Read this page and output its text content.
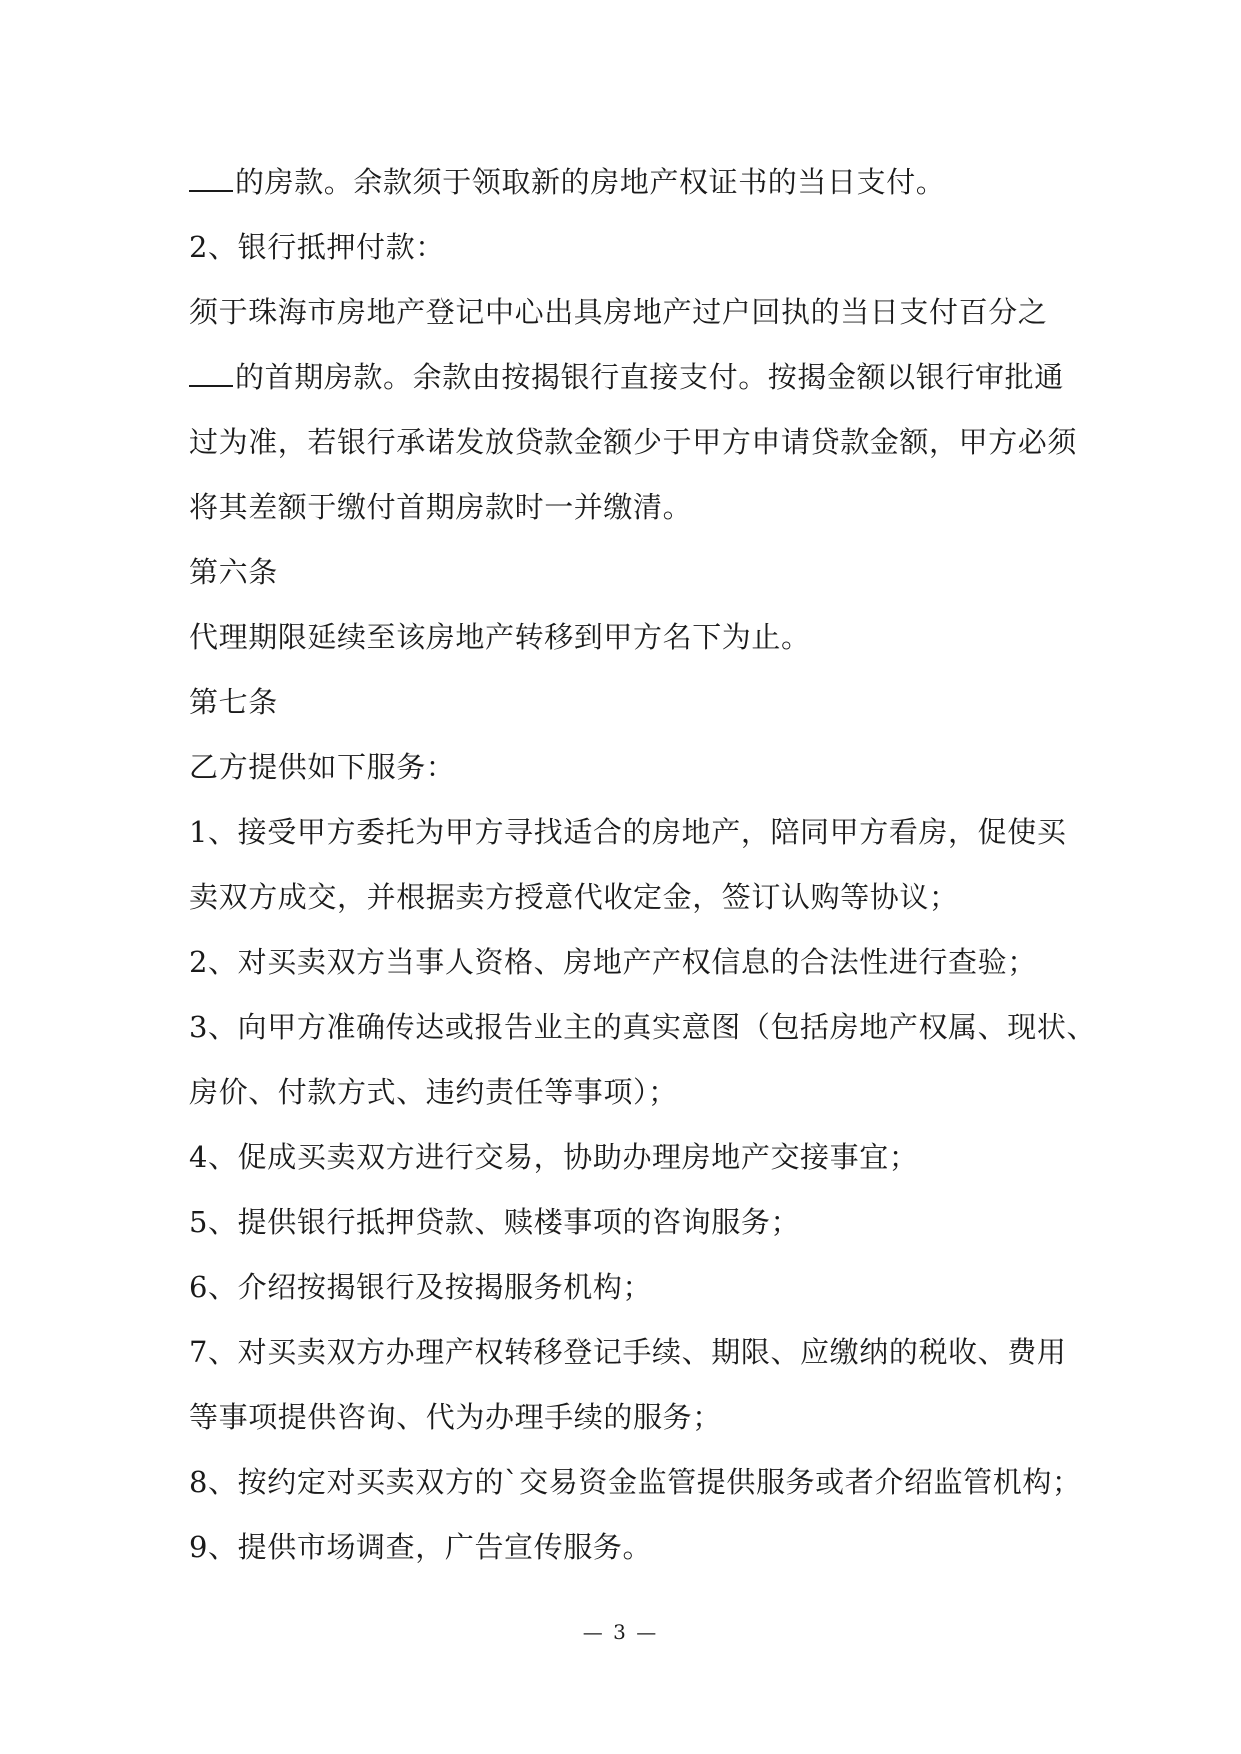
的房款。余款须于领取新的房地产权证书的当日支付。
2、银行抵押付款：
须于珠海市房地产登记中心出具房地产过户回执的当日支付百分之
的首期房款。余款由按揭银行直接支付。按揭金额以银行审批通
过为准，若银行承诺发放贷款金额少于甲方申请贷款金额，甲方必须
将其差额于缴付首期房款时一并缴清。
第六条
代理期限延续至该房地产转移到甲方名下为止。
第七条
乙方提供如下服务：
1、接受甲方委托为甲方寻找适合的房地产，陪同甲方看房，促使买
卖双方成交，并根据卖方授意代收定金，签订认购等协议；
2、对买卖双方当事人资格、房地产产权信息的合法性进行查验；
3、向甲方准确传达或报告业主的真实意图（包括房地产权属、现状、
房价、付款方式、违约责任等事项）；
4、促成买卖双方进行交易，协助办理房地产交接事宜；
5、提供银行抵押贷款、赎楼事项的咨询服务；
6、介绍按揭银行及按揭服务机构；
7、对买卖双方办理产权转移登记手续、期限、应缴纳的税收、费用
等事项提供咨询、代为办理手续的服务；
8、按约定对买卖双方的`交易资金监管提供服务或者介绍监管机构；
9、提供市场调查，广告宣传服务。
— 3 —
